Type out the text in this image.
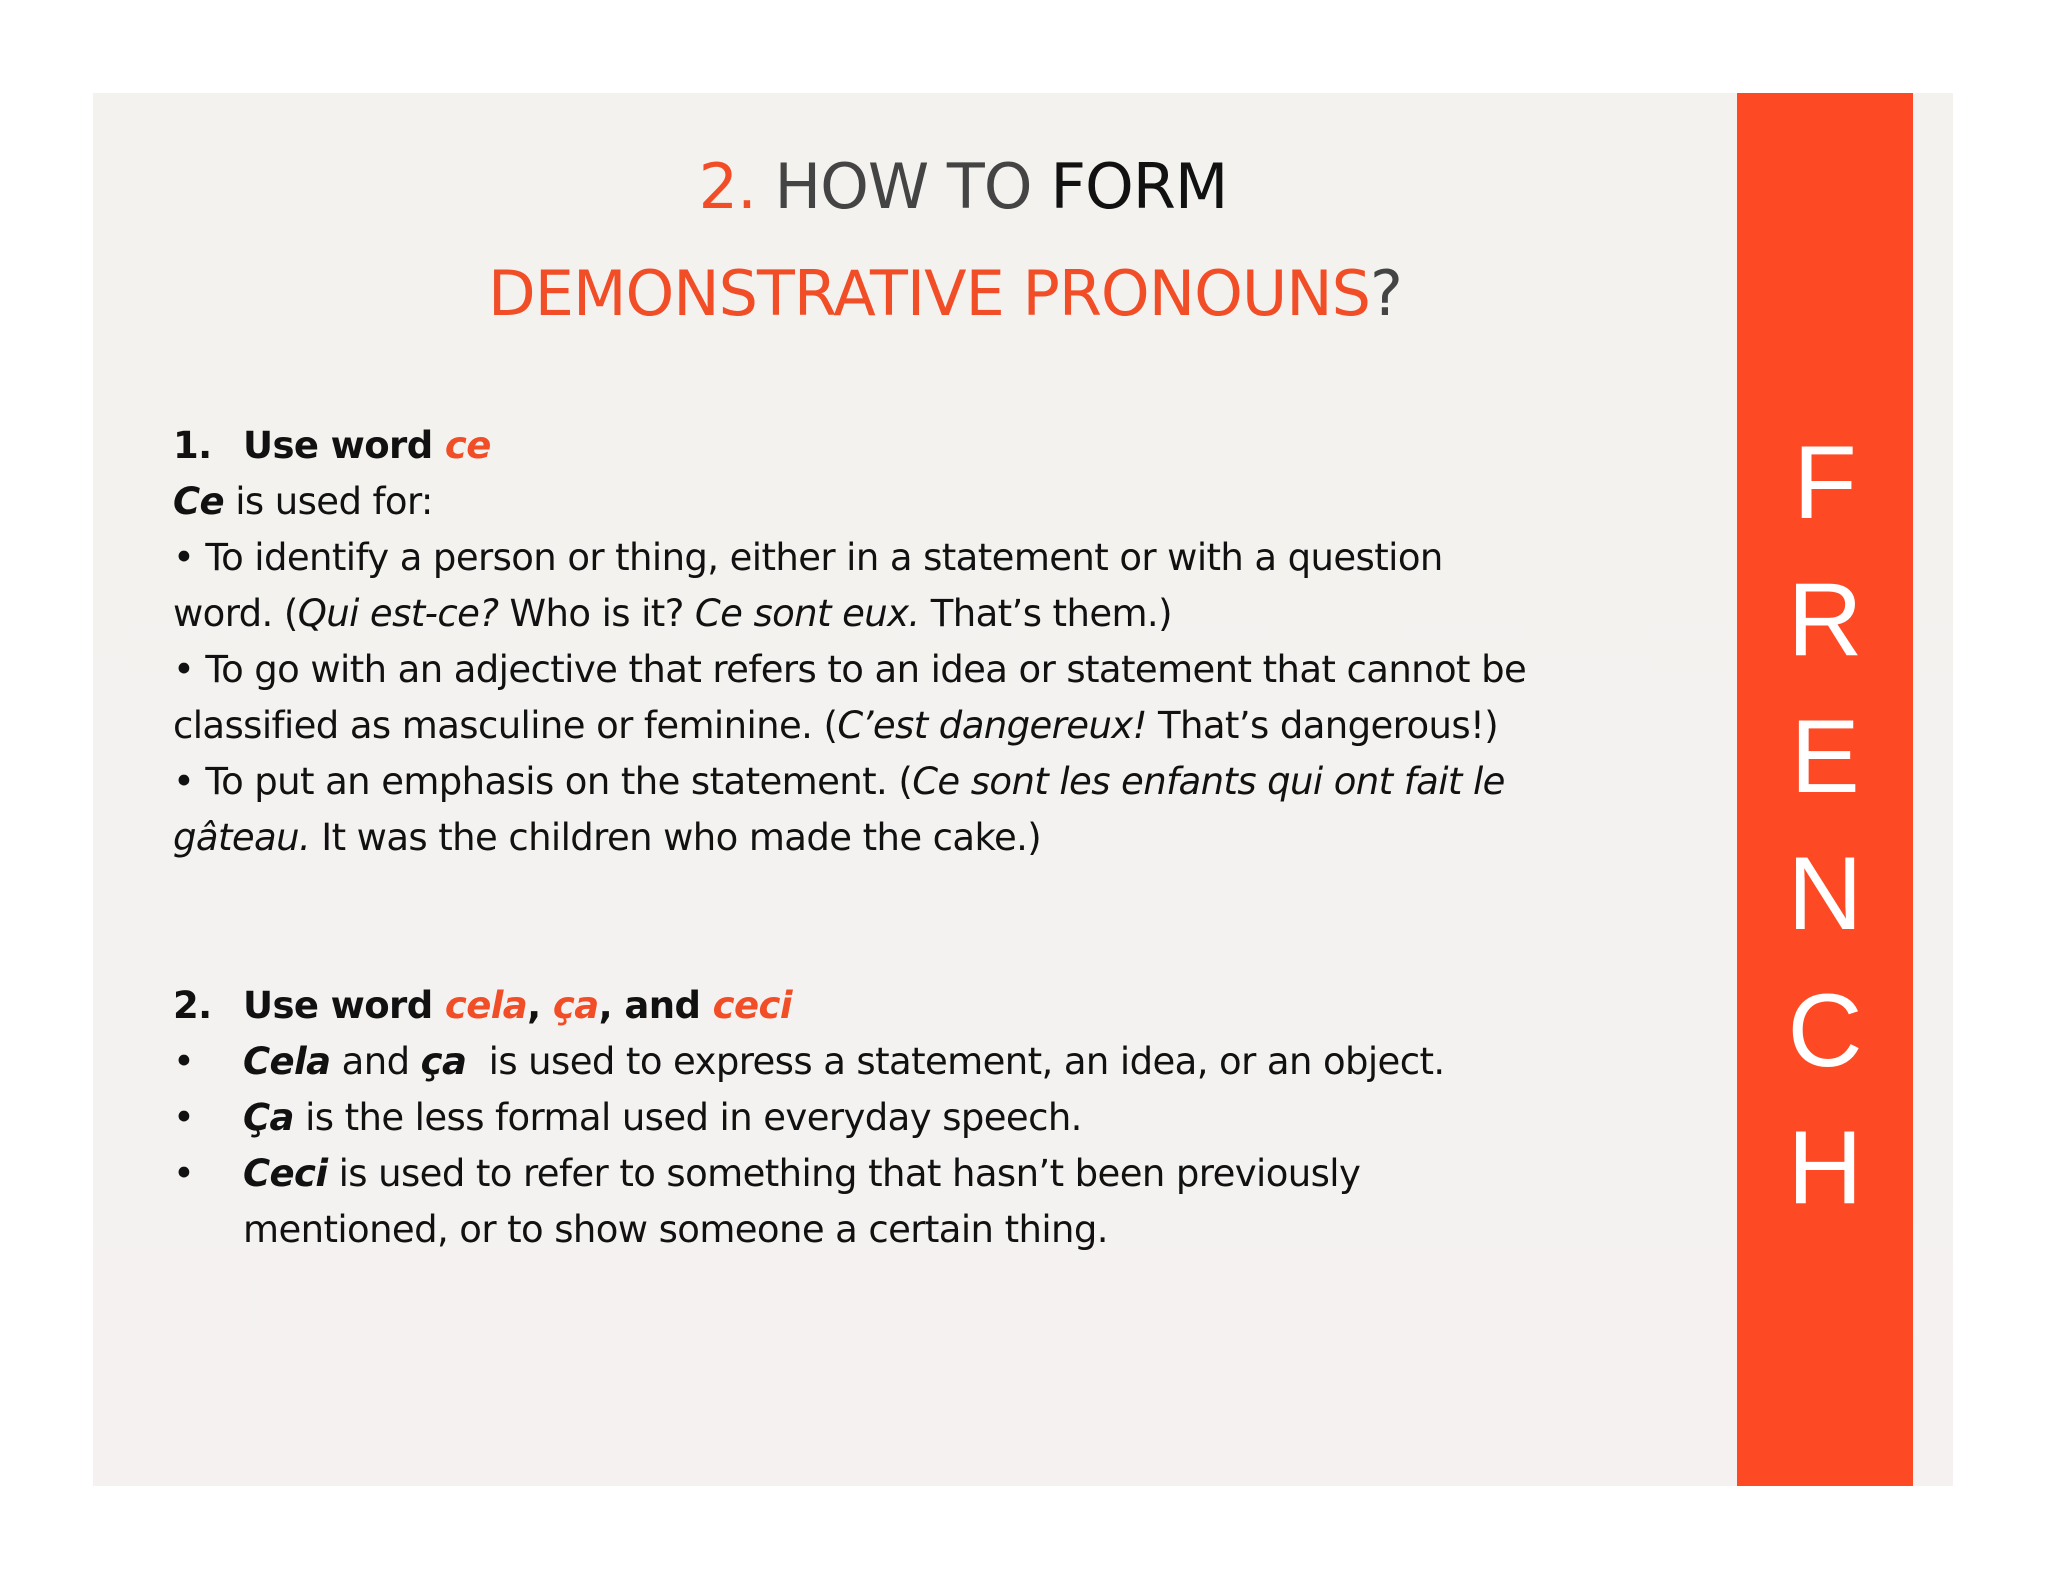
F
R
E
N
C
H
2. HOW TO FORM
DEMONSTRATIVE PRONOUNS?
1. Use word ce
Ce is used for:
• To identify a person or thing, either in a statement or with a question
word. (Qui est-ce? Who is it? Ce sont eux. That’s them.)
• To go with an adjective that refers to an idea or statement that cannot be
classified as masculine or feminine. (C’est dangereux! That’s dangerous!)
• To put an emphasis on the statement. (Ce sont les enfants qui ont fait le
gâteau. It was the children who made the cake.)
2. Use word cela, ça, and ceci
•	Cela and ça  is used to express a statement, an idea, or an object.
•	Ça is the less formal used in everyday speech.
•	Ceci is used to refer to something that hasn’t been previously
mentioned, or to show someone a certain thing.
